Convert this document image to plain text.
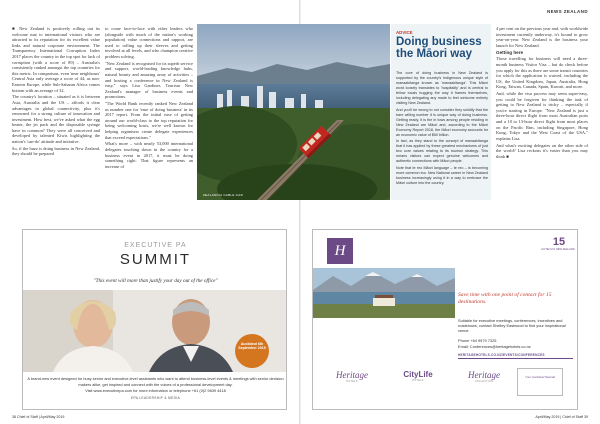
NEWS ZEALAND

■ New Zealand is positively rolling out its welcome mat to international visitors who are attracted to its reputation for its excellent value links and natural corporate environment. The Transparency International Corruption Index 2017 places the country in the top spot for lack of corruption (with a score of 89) – Australia's consistently ranked amongst the top countries for this metric. In comparison, even 'near neighbours' Central Asia only average a score of 44, as non-Eastern Europe, while Sub-Saharan Africa comes bottom with an average of 32.

The country's location – situated as it is between Asia, Australia and the US – affords it clear advantages in global connectivity, plus it's renowned for a strong culture of innovation and investment. How best, we've asked what the egg beater, the jet pack and the disposable syringe have in common? They were all conceived and developed by talented Kiwis highlighting the nation's 'can-do' attitude and initiative.

So, if the buzz is doing business in New Zealand, they should be prepared

to come face-to-face with other leaders who (alongside with much of the nation's working population) value connections and rapport, are used to rolling up their sleeves and getting involved at all levels, and who champion creative problem solving.

"New Zealand is recognised for its superb service and support, world-leading knowledge hubs, natural beauty and amazing array of activities – and hosting a conference in New Zealand is easy," says Lisa Gardiner, Tourism New Zealand's manager of business events and promotions.

"The World Bank recently ranked New Zealand as number one for 'ease of doing business' in its 2017 report. From the initial ease of getting around our world-class to the top reputation for being welcoming hosts, we're well known for helping organisers create delegate experiences that exceed expectations."

What's more – with nearly 53,000 international delegates touching down in the country for a business event in 2017, it must be doing something right. That figure represents an increase of

ZEALANDIA CABLE CAR
ADVICE
Doing business the Māori way

The core of doing business in New Zealand is supported by the country's Indigenous unique style of manaakitanga known as 'manaakitanga'. This Māori word loosely translates to 'hospitality' and is central to fellow locals hugging the way it frames themselves, including delegating any made to feel welcome entirely visiting New Zealand.

And you'll be wrong to not consider they solidify that the bare willing number it is unique way of doing business. Getting ready, it is the in tows among people residing in New Zealand are Māori and, according to the Māori Economy Report 2018, the Māori economy accounts for an economic value of $50 billion.

In fact, as they stand to the concept of manaakitanga that it has applied by these greatest mechanisms of just two core values relating to its tourism strategy. This means visitors can expect genuine welcomes and authentic connections with Māori people.

Note that te reo Māori language – te reo – is becoming more common too. New National career in New Zealand business increasingly using it in a way to embrace the Māori culture into the country.

4 per cent on the previous year and, with worldwide investment currently underway, it's bound to grow year-on-year. New Zealand is the business your launch for New Zealand.

Getting here

Those travelling for business will need a three-month business Visitor Visa – but do check before you apply for this as there are some transit countries for which the application is waived, including the US, the United Kingdom, Japan, Australia, Hong Kong, Taiwan, Canada, Spain, Kuwait, and more.

And, while the visa process may seem super-easy, you could be forgiven for thinking the task of getting to New Zealand is tricky – especially if you're starting in Europe. "New Zealand is just a three-hour direct flight from most Australian ports and a 10 to 13-hour direct flight from most places on the Pacific Rim, including Singapore, Hong Kong, Tokyo and the West Coast of the USA," explains Lisa.

And what's exciting delegates on the other side of the world? Lisa reckons it's easier than you may think ■

EXECUTIVE PA
SUMMIT
"This event will more than justify your day out of the office"
Auckland 6th September 2019
A brand-new event designed for busy senior and executive-level assistants who want to attend business-level events & meetings with senior decision makers alike, get inspired and connect with the voices of a professional development day.
Visit www.executivepa.com for more information or telephone +61 (0)2 9839 4418
EPA LEADERSHIP & MEDIA
H
15
HOTELS IN NEW ZEALAND
Save time with one point of contact for 15 destinations.
Suitable for executive meetings, conferences, incentives and roadshows, contact Shelley Eastwood to find your inspirational venue.
Phone +64 9979 7325
Email: Conferences@heritagehotels.co.nz
HERITAGEHOTELS.CO.NZ/EVENTS/CONFERENCES
Heritage
HOTELS
CityLife
HOTELS
Heritage
COLLECTION
Your Auckland Special
38 Chief of Staff | April/May 2019	April/May 2019 | Chief of Staff 39
